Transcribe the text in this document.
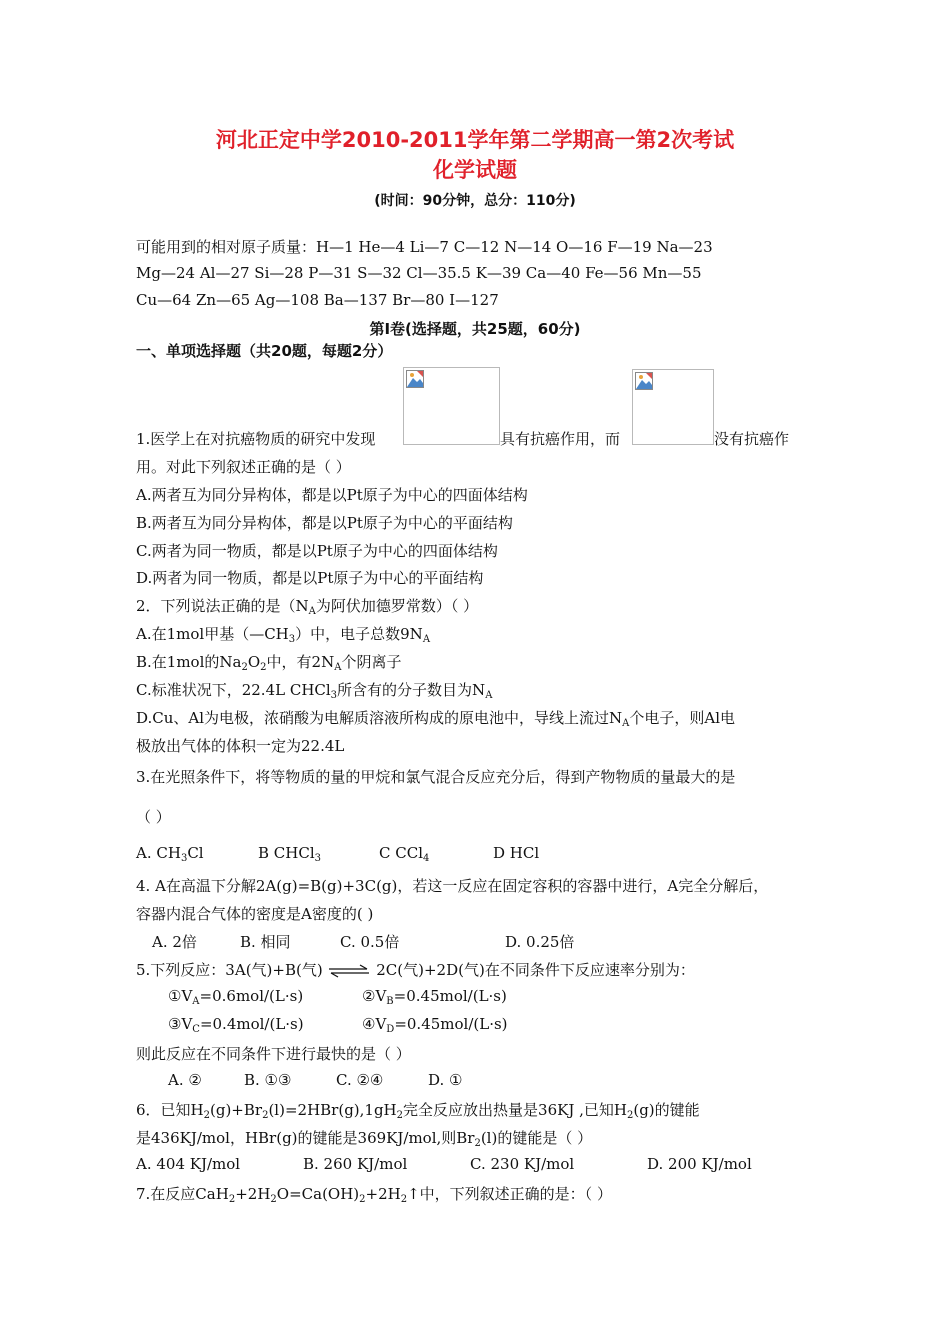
河北正定中学2010-2011学年第二学期高一第2次考试
化学试题
(时间：90分钟，总分：110分)
可能用到的相对原子质量：H—1 He—4 Li—7 C—12 N—14 O—16 F—19 Na—23
Mg—24 Al—27 Si—28 P—31 S—32 Cl—35.5 K—39 Ca—40 Fe—56 Mn—55
Cu—64 Zn—65 Ag—108 Ba—137 Br—80 I—127
第Ⅰ卷(选择题，共25题，60分)
一、单项选择题（共20题，每题2分）
1.医学上在对抗癌物质的研究中发现	具有抗癌作用，而	没有抗癌作
用。对此下列叙述正确的是（ ）
A.两者互为同分异构体，都是以Pt原子为中心的四面体结构
B.两者互为同分异构体，都是以Pt原子为中心的平面结构
C.两者为同一物质，都是以Pt原子为中心的四面体结构
D.两者为同一物质，都是以Pt原子为中心的平面结构
2．下列说法正确的是（$N_A$为阿伏加德罗常数）（ ）
A.在1mol甲基$(—CH_3)$中，电子总数$9N_A$
B.在1mol的$Na_2O_2$中，有$2N_A$个阴离子
C.标准状况下，22.4L CHCl$_3$所含有的分子数目为$N_A$
D.Cu、Al为电极，浓硝酸为电解质溶液所构成的原电池中，导线上流过$N_A$个电子，则Al电
极放出气体的体积一定为22.4L
3.在光照条件下，将等物质的量的甲烷和氯气混合反应充分后，得到产物物质的量最大的是
（ ）
A. $CH_3Cl$	B CHCl$_3$	C CCl$_4$	D HCl
4. A在高温下分解2A(g)=B(g)+3C(g)，若这一反应在固定容积的容器中进行，A完全分解后，
容器内混合气体的密度是A密度的( )
A. 2倍	B. 相同	C. 0.5倍	D. 0.25倍
5.下列反应：3A(气)+B(气) ⇌ 2C(气)+2D(气)在不同条件下反应速率分别为：
$①V_A=0.6mol/(L\cdot s)$	$②V_B=0.45mol/(L\cdot s)$
$③V_C=0.4mol/(L\cdot s)$	$④V_D=0.45mol/(L\cdot s)$
则此反应在不同条件下进行最快的是（ ）
A. ②	B. ①③	C. ②④	D. ①
6．已知$H_2(g)+Br_2(l)=2HBr(g),1gH_2$完全反应放出热量是36KJ ,已知$H_2(g)$的键能
是436KJ/mol，HBr(g)的键能是369KJ/mol,则$Br_2(l)$的键能是（ ）
A. 404 KJ/mol	B. 260 KJ/mol	C. 230 KJ/mol	D. 200 KJ/mol
7.在反应$CaH_2+2H_2O=Ca(OH)_2+2H_2↑$中，下列叙述正确的是：（ ）
